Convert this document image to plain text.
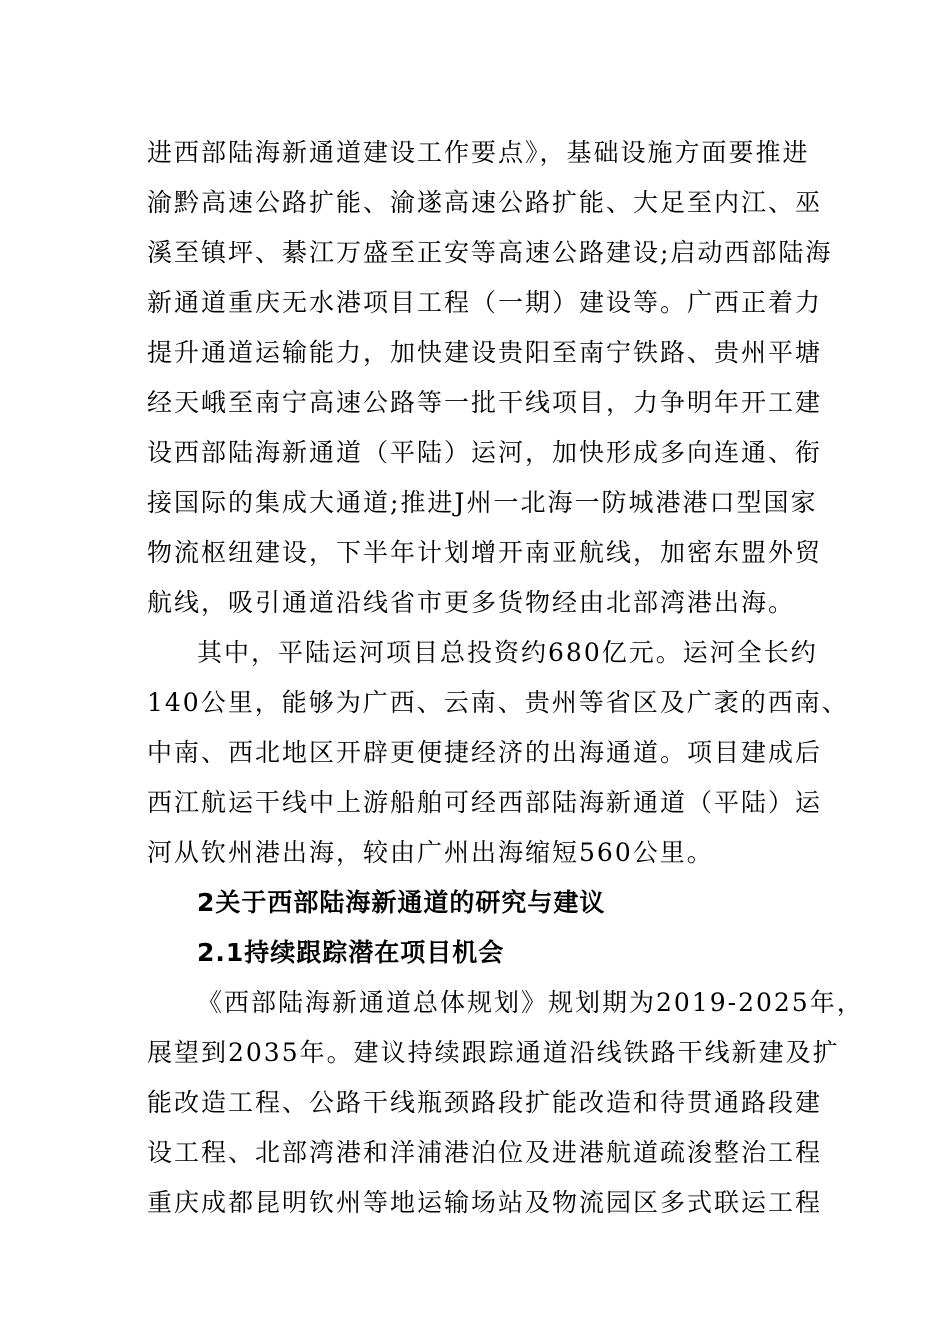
进西部陆海新通道建设工作要点》，基础设施方面要推进
渝黔高速公路扩能、渝遂高速公路扩能、大足至内江、巫
溪至镇坪、綦江万盛至正安等高速公路建设;启动西部陆海
新通道重庆无水港项目工程（一期）建设等。广西正着力
提升通道运输能力，加快建设贵阳至南宁铁路、贵州平塘
经天峨至南宁高速公路等一批干线项目，力争明年开工建
设西部陆海新通道（平陆）运河，加快形成多向连通、衔
接国际的集成大通道;推进J州一北海一防城港港口型国家
物流枢纽建设，下半年计划增开南亚航线，加密东盟外贸
航线，吸引通道沿线省市更多货物经由北部湾港出海。
其中，平陆运河项目总投资约680亿元。运河全长约
140公里，能够为广西、云南、贵州等省区及广袤的西南、
中南、西北地区开辟更便捷经济的出海通道。项目建成后
西江航运干线中上游船舶可经西部陆海新通道（平陆）运
河从钦州港出海，较由广州出海缩短560公里。
2关于西部陆海新通道的研究与建议
2.1持续跟踪潜在项目机会
《西部陆海新通道总体规划》规划期为2019-2025年，
展望到2035年。建议持续跟踪通道沿线铁路干线新建及扩
能改造工程、公路干线瓶颈路段扩能改造和待贯通路段建
设工程、北部湾港和洋浦港泊位及进港航道疏浚整治工程
重庆成都昆明钦州等地运输场站及物流园区多式联运工程
